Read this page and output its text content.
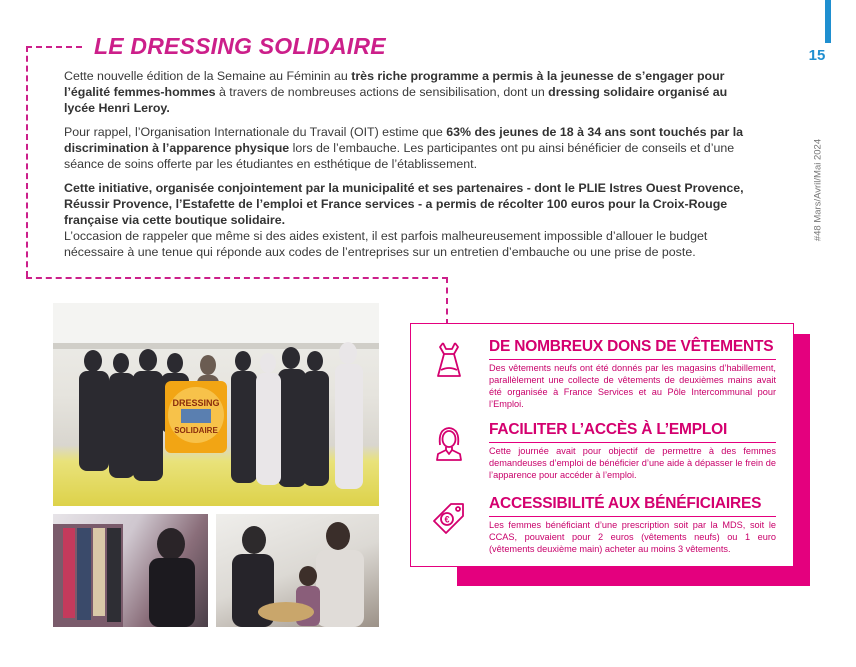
15
#48 Mars/Avril/Mai 2024
LE DRESSING SOLIDAIRE

Cette nouvelle édition de la Semaine au Féminin au très riche programme a permis à la jeunesse de s’engager pour l’égalité femmes-hommes à travers de nombreuses actions de sensibilisation, dont un dressing solidaire organisé au lycée Henri Leroy.

Pour rappel, l’Organisation Internationale du Travail (OIT) estime que 63% des jeunes de 18 à 34 ans sont touchés par la discrimination à l’apparence physique lors de l’embauche. Les participantes ont pu ainsi bénéficier de conseils et d’une séance de soins offerte par les étudiantes en esthétique de l’établissement.

Cette initiative, organisée conjointement par la municipalité et ses partenaires - dont le PLIE Istres Ouest Provence, Réussir Provence, l’Estafette de l’emploi et France services - a permis de récolter 100 euros pour la Croix-Rouge française via cette boutique solidaire.
L’occasion de rappeler que même si des aides existent, il est parfois malheureusement impossible d’allouer le budget nécessaire à une tenue qui réponde aux codes de l’entreprises sur un entretien d’embauche ou une prise de poste.

DRESSING
SOLIDAIRE
DE NOMBREUX DONS DE VÊTEMENTS

Des vêtements neufs ont été donnés par les magasins d’habillement, parallèlement une collecte de vêtements de deuxièmes mains avait été organisée à France Services et au Pôle Intercommunal pour l’Emploi.

FACILITER L’ACCÈS À L’EMPLOI

Cette journée avait pour objectif de permettre à des femmes demandeuses d’emploi de bénéficier d’une aide à dépasser le frein de l’apparence pour accéder à l’emploi.

€
ACCESSIBILITÉ AUX BÉNÉFICIAIRES

Les femmes bénéficiant d’une prescription soit par la MDS, soit le CCAS, pouvaient pour 2 euros (vêtements neufs) ou 1 euro (vêtements deuxième main) acheter au moins 3 vêtements.
